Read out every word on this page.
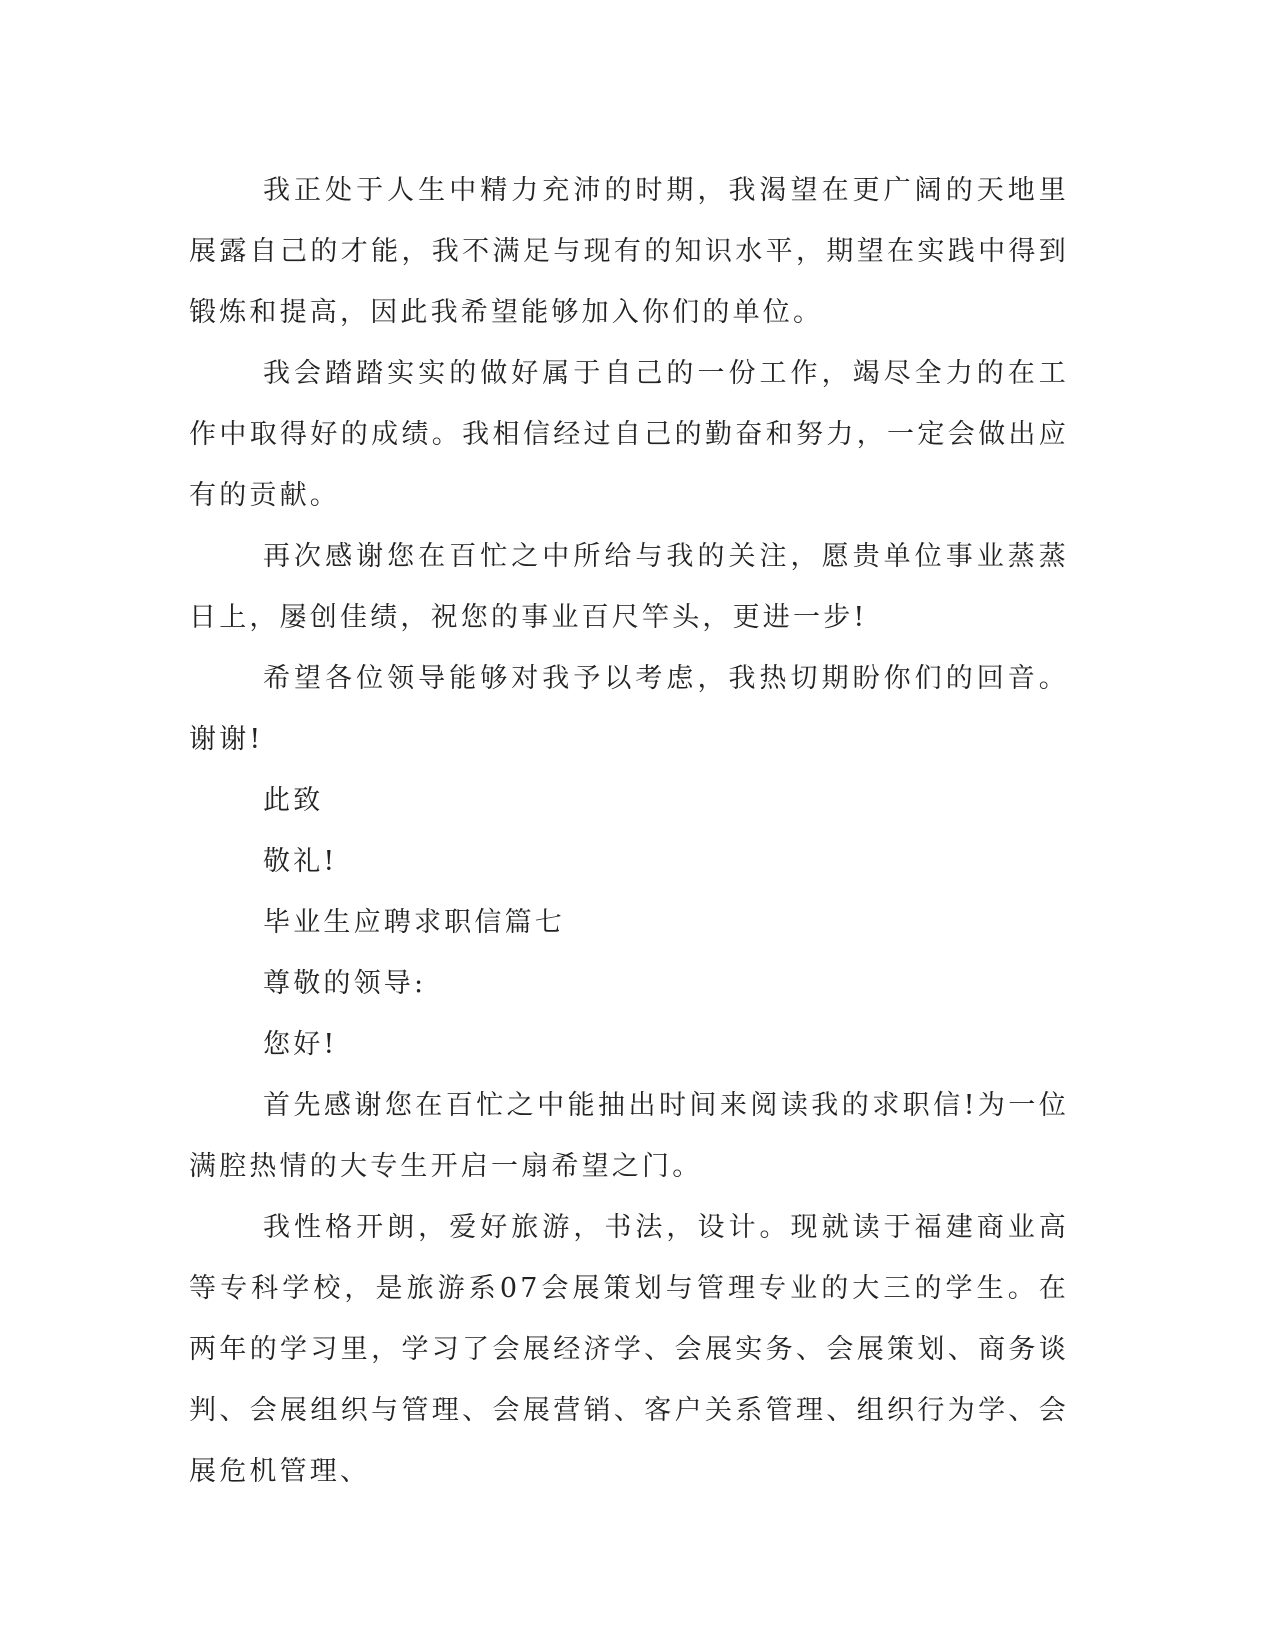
我正处于人生中精力充沛的时期，我渴望在更广阔的天地里展露自己的才能，我不满足与现有的知识水平，期望在实践中得到锻炼和提高，因此我希望能够加入你们的单位。

我会踏踏实实的做好属于自己的一份工作，竭尽全力的在工作中取得好的成绩。我相信经过自己的勤奋和努力，一定会做出应有的贡献。

再次感谢您在百忙之中所给与我的关注，愿贵单位事业蒸蒸日上，屡创佳绩，祝您的事业百尺竿头，更进一步!

希望各位领导能够对我予以考虑，我热切期盼你们的回音。谢谢!

此致

敬礼!

毕业生应聘求职信篇七

尊敬的领导:

您好!

首先感谢您在百忙之中能抽出时间来阅读我的求职信!为一位满腔热情的大专生开启一扇希望之门。

我性格开朗，爱好旅游，书法，设计。现就读于福建商业高等专科学校，是旅游系07会展策划与管理专业的大三的学生。在两年的学习里，学习了会展经济学、会展实务、会展策划、商务谈判、会展组织与管理、会展营销、客户关系管理、组织行为学、会展危机管理、
